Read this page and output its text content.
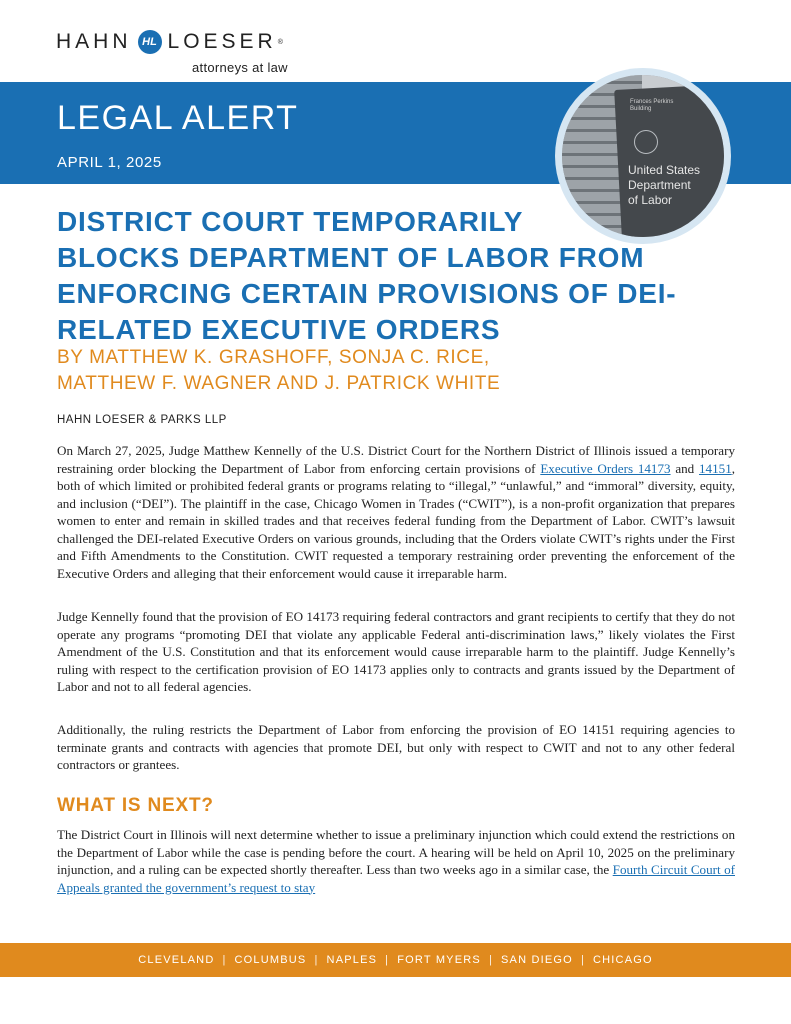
HAHN HL LOESER ®
attorneys at law
LEGAL ALERT
APRIL 1, 2025
Frances Perkins Building
United States
Department
of Labor
DISTRICT COURT TEMPORARILY
BLOCKS DEPARTMENT OF LABOR FROM
ENFORCING CERTAIN PROVISIONS OF DEI-
RELATED EXECUTIVE ORDERS
BY MATTHEW K. GRASHOFF, SONJA C. RICE,
MATTHEW F. WAGNER AND J. PATRICK WHITE
HAHN LOESER & PARKS LLP

On March 27, 2025, Judge Matthew Kennelly of the U.S. District Court for the Northern District of Illinois issued a temporary restraining order blocking the Department of Labor from enforcing certain provisions of Executive Orders 14173 and 14151, both of which limited or prohibited federal grants or programs relating to “illegal,” “unlawful,” and “immoral” diversity, equity, and inclusion (“DEI”). The plaintiff in the case, Chicago Women in Trades (“CWIT”), is a non-profit organization that prepares women to enter and remain in skilled trades and that receives federal funding from the Department of Labor. CWIT’s lawsuit challenged the DEI-related Executive Orders on various grounds, including that the Orders violate CWIT’s rights under the First and Fifth Amendments to the Constitution. CWIT requested a temporary restraining order preventing the enforcement of the Executive Orders and alleging that their enforcement would cause it irreparable harm.

Judge Kennelly found that the provision of EO 14173 requiring federal contractors and grant recipients to certify that they do not operate any programs “promoting DEI that violate any applicable Federal anti-discrimination laws,” likely violates the First Amendment of the U.S. Constitution and that its enforcement would cause irreparable harm to the plaintiff. Judge Kennelly’s ruling with respect to the certification provision of EO 14173 applies only to contracts and grants issued by the Department of Labor and not to all federal agencies.

Additionally, the ruling restricts the Department of Labor from enforcing the provision of EO 14151 requiring agencies to terminate grants and contracts with agencies that promote DEI, but only with respect to CWIT and not to any other federal contractors or grantees.

WHAT IS NEXT?

The District Court in Illinois will next determine whether to issue a preliminary injunction which could extend the restrictions on the Department of Labor while the case is pending before the court. A hearing will be held on April 10, 2025 on the preliminary injunction, and a ruling can be expected shortly thereafter. Less than two weeks ago in a similar case, the Fourth Circuit Court of Appeals granted the government’s request to stay

CLEVELAND | COLUMBUS | NAPLES | FORT MYERS | SAN DIEGO | CHICAGO
